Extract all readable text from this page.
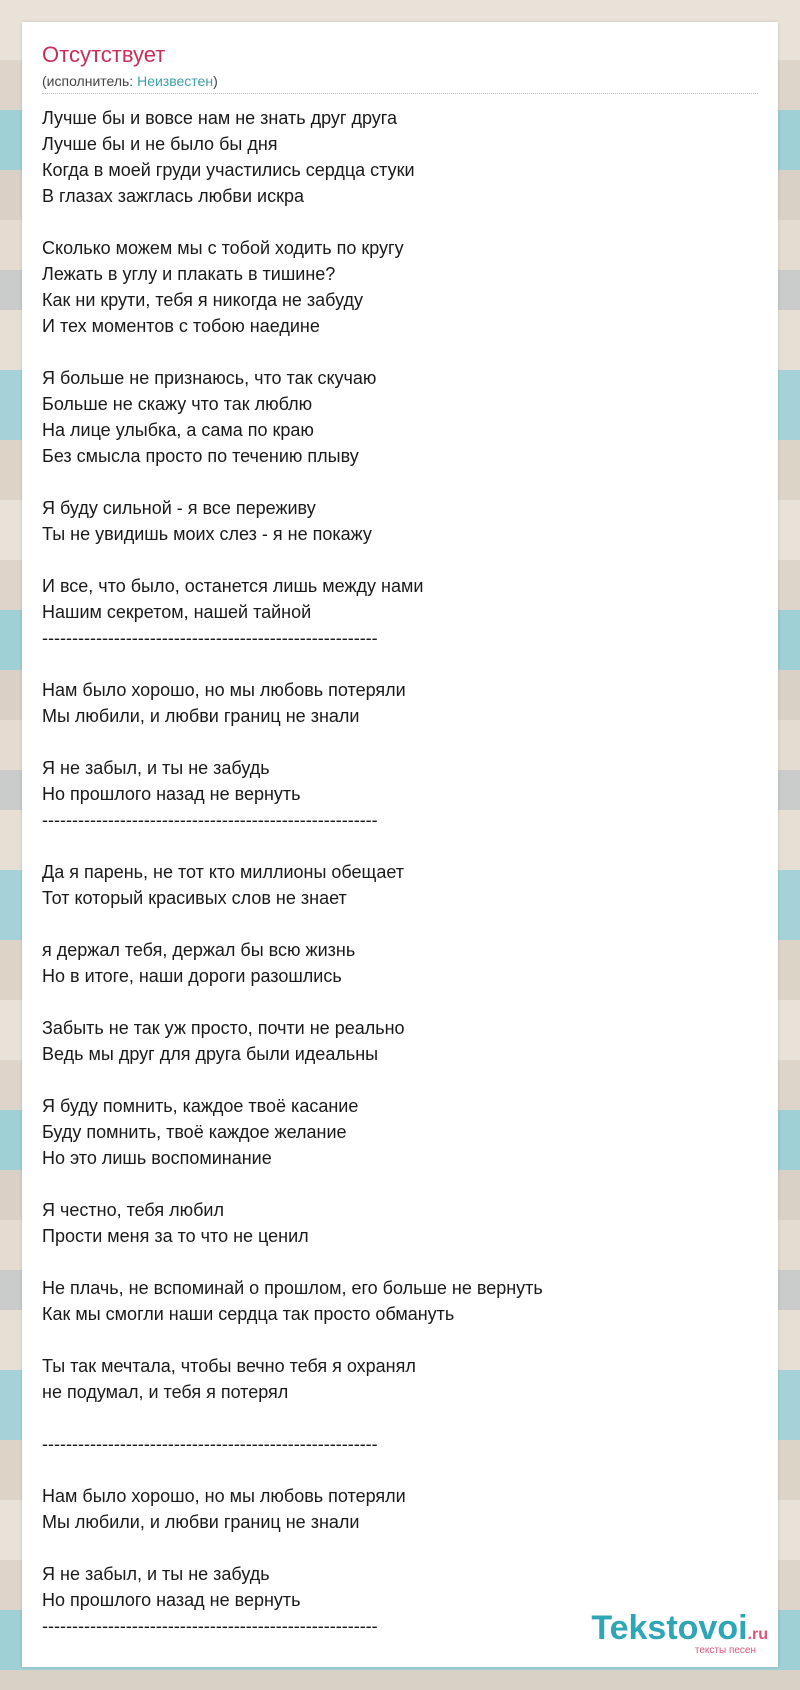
Отсутствует
(исполнитель: Неизвестен)
Лучше бы и вовсе нам не знать друг друга
Лучше бы и не было бы дня
Когда в моей груди участились сердца стуки
В глазах зажглась любви искра
Сколько можем мы с тобой ходить по кругу
Лежать в углу и плакать в тишине?
Как ни крути, тебя я никогда не забуду
И тех моментов с тобою наедине
Я больше не признаюсь, что так скучаю
Больше не скажу что так люблю
На лице улыбка, а сама по краю
Без смысла просто по течению плыву
Я буду сильной - я все переживу
Ты не увидишь моих слез - я не покажу
И все, что было, останется лишь между нами
Нашим секретом, нашей тайной
--------------------------------------------------------
Нам было хорошо, но мы любовь потеряли
Мы любили, и любви границ не знали
Я не забыл, и ты не забудь
Но прошлого назад не вернуть
--------------------------------------------------------
Да я парень, не тот кто миллионы обещает
Тот который красивых слов не знает
я держал тебя, держал бы всю жизнь
Но в итоге, наши дороги разошлись
Забыть не так уж просто, почти не реально
Ведь мы друг для друга были идеальны
Я буду помнить, каждое твоё касание
Буду помнить, твоё каждое желание
Но это лишь воспоминание
Я честно, тебя любил
Прости меня за то что не ценил
Не плачь, не вспоминай о прошлом, его больше не вернуть
Как мы смогли наши сердца так просто обмануть
Ты так мечтала, чтобы вечно тебя я охранял
не подумал, и тебя я потерял
--------------------------------------------------------
Нам было хорошо, но мы любовь потеряли
Мы любили, и любви границ не знали
Я не забыл, и ты не забудь
Но прошлого назад не вернуть
--------------------------------------------------------	Tekstovoi.ru
тексты песен
